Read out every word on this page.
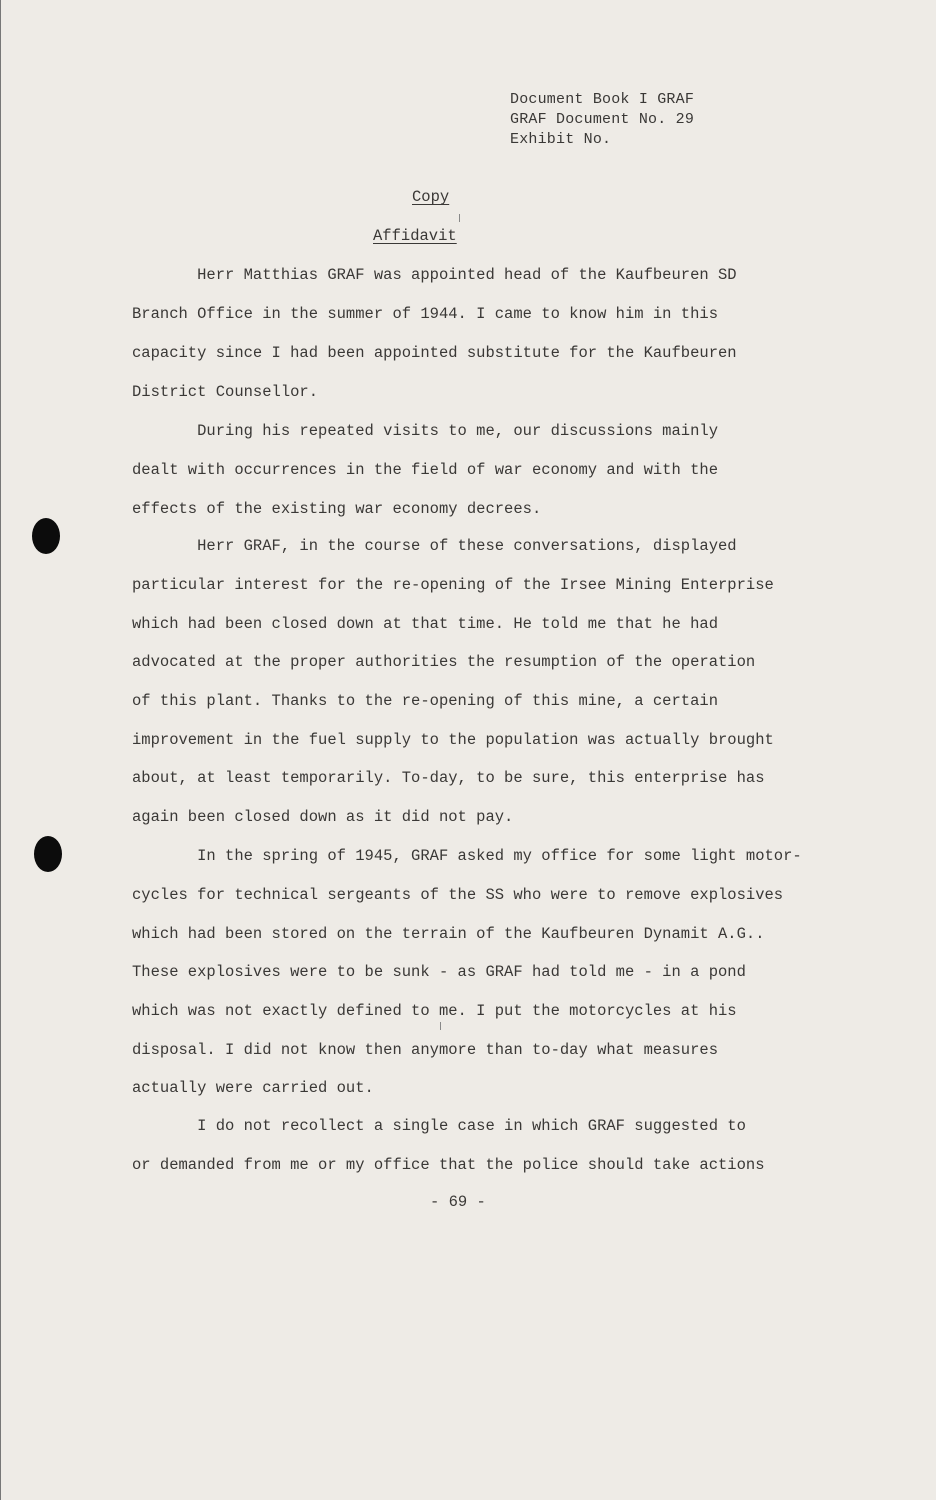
Document Book I GRAF
GRAF Document No. 29
Exhibit No.
Copy
Affidavit
Herr Matthias GRAF was appointed head of the Kaufbeuren SD
Branch Office in the summer of 1944. I came to know him in this
capacity since I had been appointed substitute for the Kaufbeuren
District Counsellor.
During his repeated visits to me, our discussions mainly
dealt with occurrences in the field of war economy and with the
effects of the existing war economy decrees.
Herr GRAF, in the course of these conversations, displayed
particular interest for the re-opening of the Irsee Mining Enterprise
which had been closed down at that time. He told me that he had
advocated at the proper authorities the resumption of the operation
of this plant. Thanks to the re-opening of this mine, a certain
improvement in the fuel supply to the population was actually brought
about, at least temporarily. To-day, to be sure, this enterprise has
again been closed down as it did not pay.
In the spring of 1945, GRAF asked my office for some light motor-
cycles for technical sergeants of the SS who were to remove explosives
which had been stored on the terrain of the Kaufbeuren Dynamit A.G..
These explosives were to be sunk - as GRAF had told me - in a pond
which was not exactly defined to me. I put the motorcycles at his
disposal. I did not know then anymore than to-day what measures
actually were carried out.
I do not recollect a single case in which GRAF suggested to
or demanded from me or my office that the police should take actions
- 69 -
